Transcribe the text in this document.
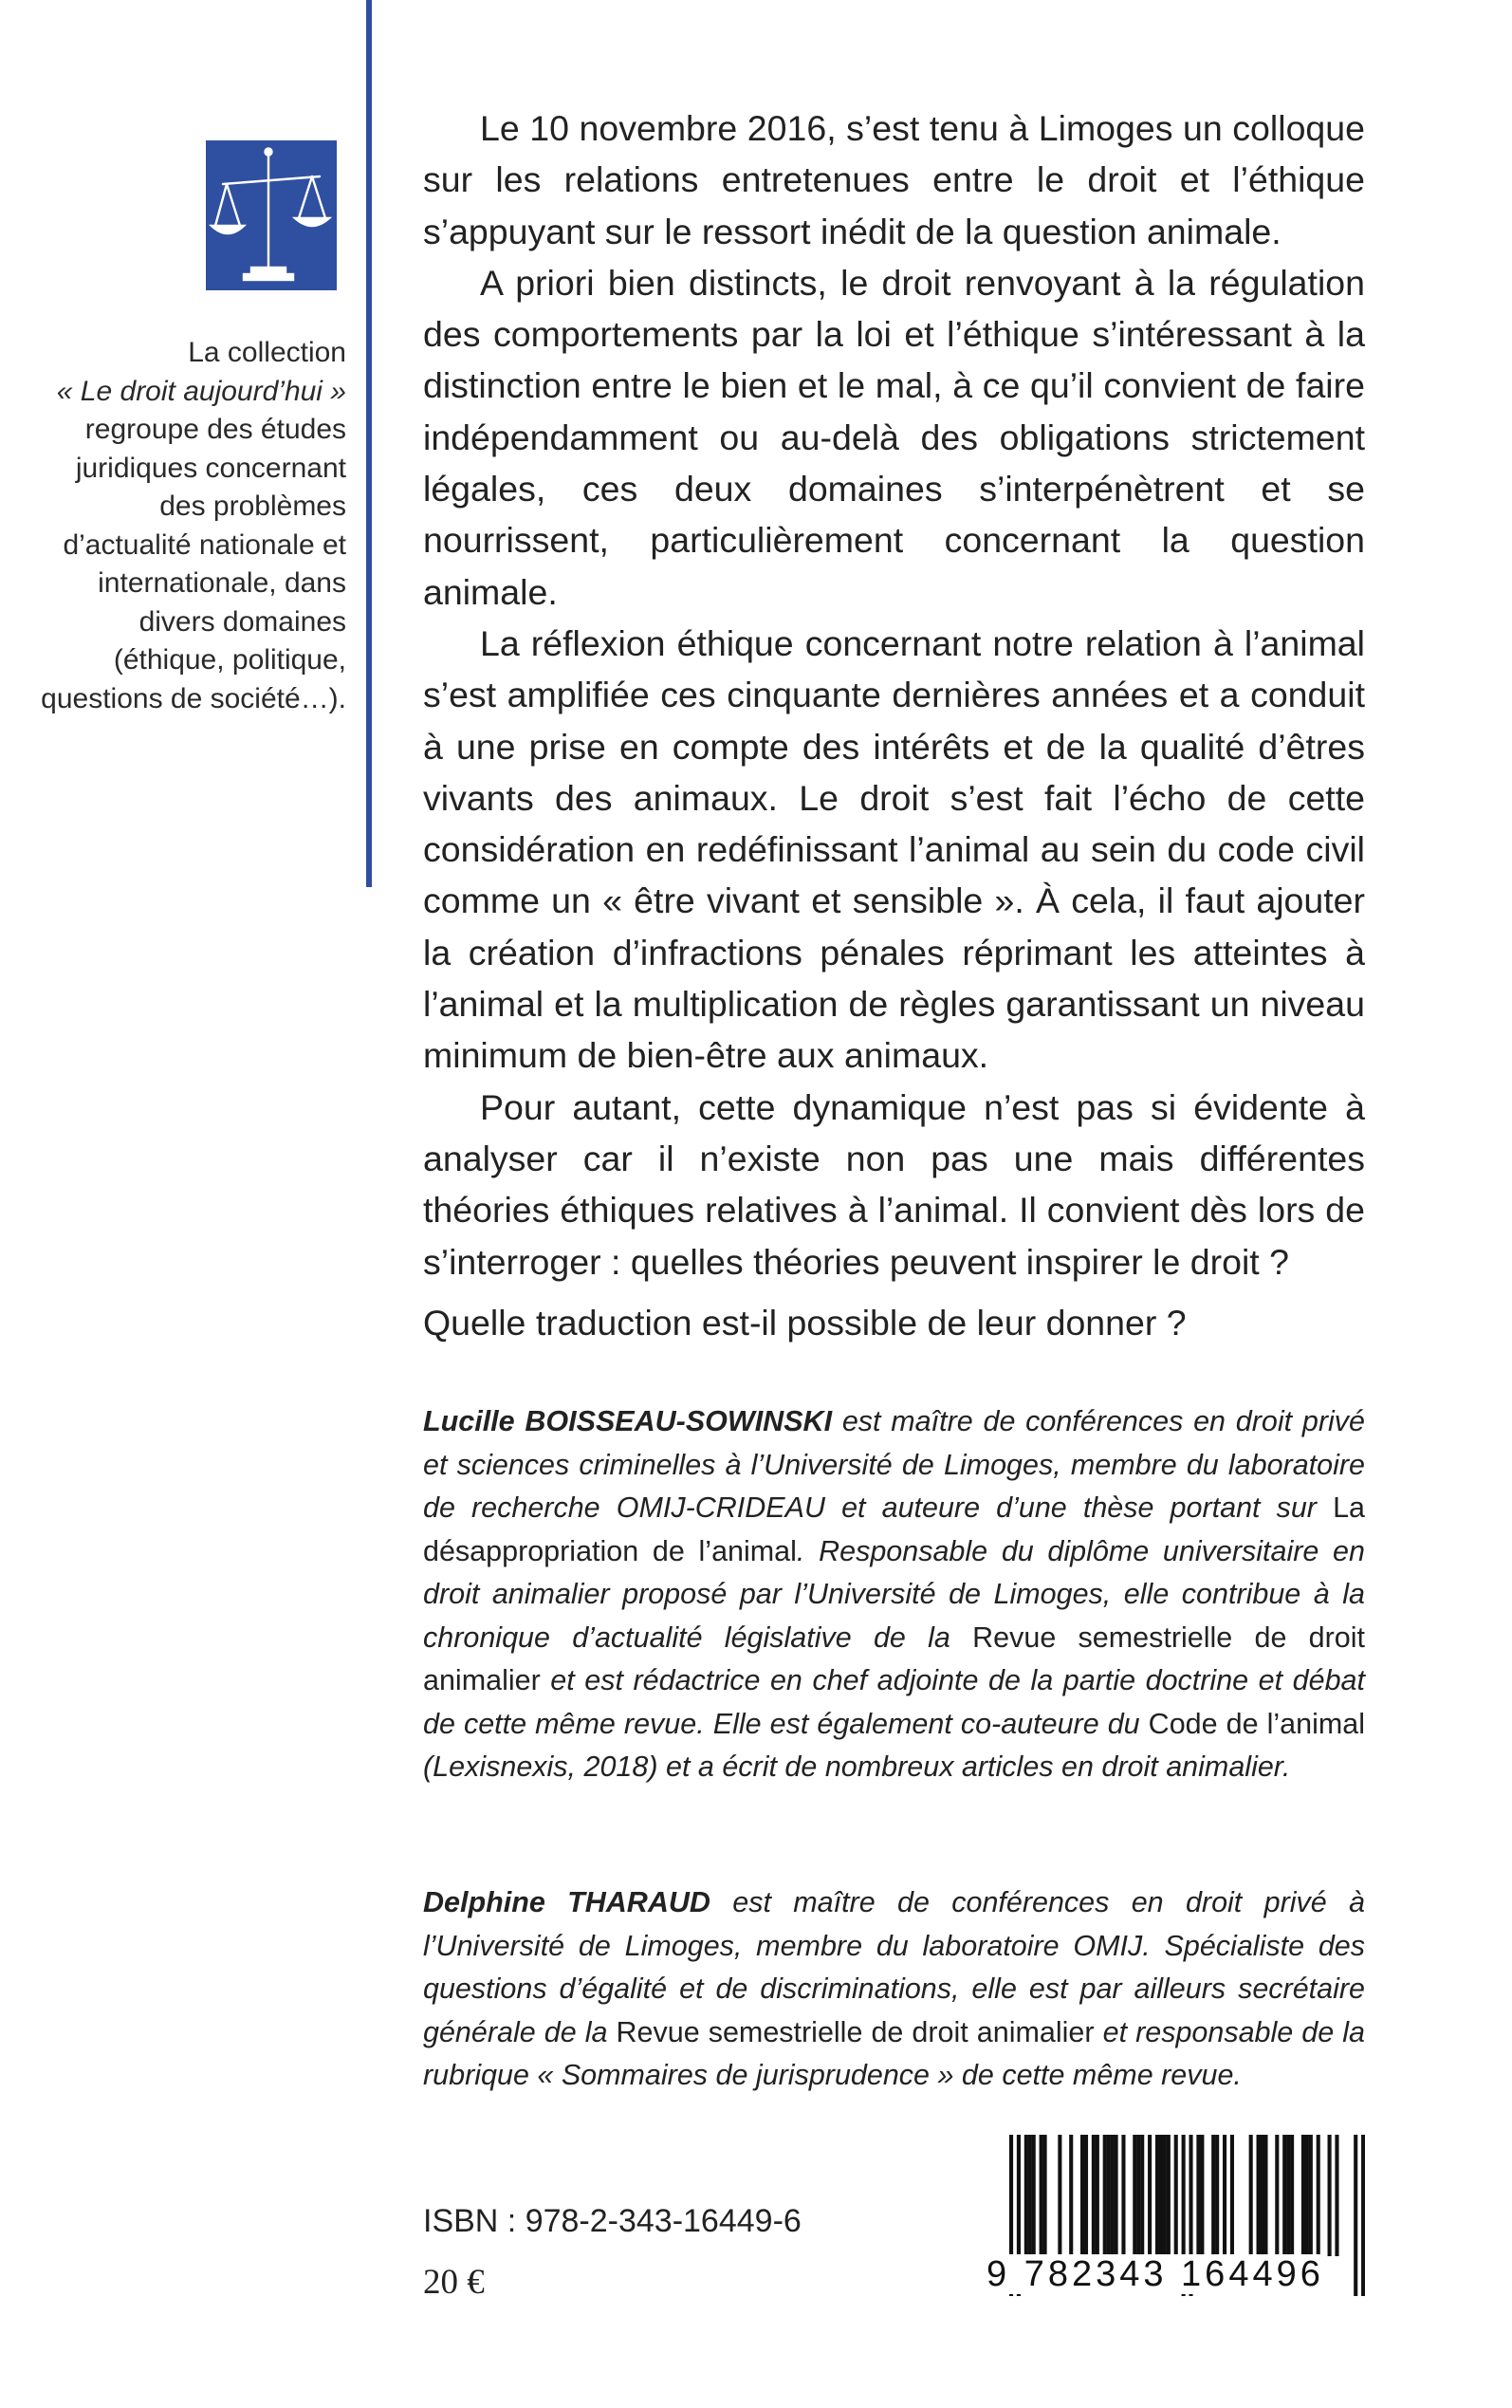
La collection

« Le droit aujourd’hui »

regroupe des études juridiques concernant des problèmes d’actualité nationale et internationale, dans divers domaines (éthique, politique, questions de société…).

Le 10 novembre 2016, s’est tenu à Limoges un colloque sur les relations entretenues entre le droit et l’éthique s’appuyant sur le ressort inédit de la question animale.

A priori bien distincts, le droit renvoyant à la régulation des comportements par la loi et l’éthique s’intéressant à la distinction entre le bien et le mal, à ce qu’il convient de faire indépendamment ou au-delà des obligations strictement légales, ces deux domaines s’interpénètrent et se nourrissent, particulièrement concernant la question animale.

La réflexion éthique concernant notre relation à l’animal s’est amplifiée ces cinquante dernières années et a conduit à une prise en compte des intérêts et de la qualité d’êtres vivants des animaux. Le droit s’est fait l’écho de cette considération en redéfinissant l’animal au sein du code civil comme un « être vivant et sensible ». À cela, il faut ajouter la création d’infractions pénales réprimant les atteintes à l’animal et la multiplication de règles garantissant un niveau minimum de bien-être aux animaux.

Pour autant, cette dynamique n’est pas si évidente à analyser car il n’existe non pas une mais différentes théories éthiques relatives à l’animal. Il convient dès lors de s’interroger : quelles théories peuvent inspirer le droit ?

Quelle traduction est-il possible de leur donner ?

Lucille BOISSEAU-SOWINSKI est maître de conférences en droit privé et sciences criminelles à l’Université de Limoges, membre du laboratoire de recherche OMIJ-CRIDEAU et auteure d’une thèse portant sur La désappropriation de l’animal. Responsable du diplôme universitaire en droit animalier proposé par l’Université de Limoges, elle contribue à la chronique d’actualité législative de la Revue semestrielle de droit animalier et est rédactrice en chef adjointe de la partie doctrine et débat de cette même revue. Elle est également co-auteure du Code de l’animal (Lexisnexis, 2018) et a écrit de nombreux articles en droit animalier.

Delphine THARAUD est maître de conférences en droit privé à l’Université de Limoges, membre du laboratoire OMIJ. Spécialiste des questions d’égalité et de discriminations, elle est par ailleurs secrétaire générale de la Revue semestrielle de droit animalier et responsable de la rubrique « Sommaires de jurisprudence » de cette même revue.

ISBN : 978-2-343-16449-6
20 €	9 782343 164496
